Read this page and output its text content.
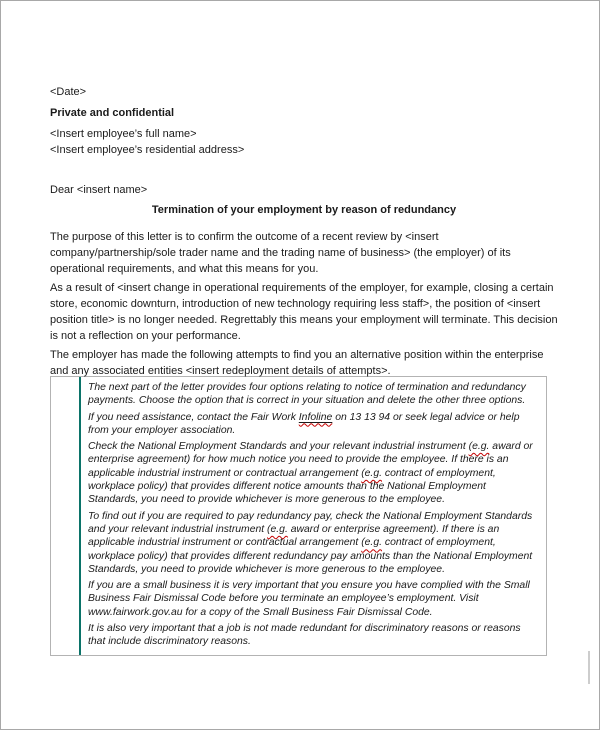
<Date>

Private and confidential

<Insert employee’s full name>

<Insert employee’s residential address>

Dear <insert name>

Termination of your employment by reason of redundancy

The purpose of this letter is to confirm the outcome of a recent review by <insert company/partnership/sole trader name and the trading name of business> (the employer) of its operational requirements, and what this means for you.

As a result of <insert change in operational requirements of the employer, for example, closing a certain store, economic downturn, introduction of new technology requiring less staff>, the position of <insert position title> is no longer needed. Regrettably this means your employment will terminate. This decision is not a reflection on your performance.

The employer has made the following attempts to find you an alternative position within the enterprise and any associated entities <insert redeployment details of attempts>.

The next part of the letter provides four options relating to notice of termination and redundancy payments. Choose the option that is correct in your situation and delete the other three options.

If you need assistance, contact the Fair Work Infoline on 13 13 94 or seek legal advice or help from your employer association.

Check the National Employment Standards and your relevant industrial instrument (e.g. award or enterprise agreement) for how much notice you need to provide the employee. If there is an applicable industrial instrument or contractual arrangement (e.g. contract of employment, workplace policy) that provides different notice amounts than the National Employment Standards, you need to provide whichever is more generous to the employee.

To find out if you are required to pay redundancy pay, check the National Employment Standards and your relevant industrial instrument (e.g. award or enterprise agreement). If there is an applicable industrial instrument or contractual arrangement (e.g. contract of employment, workplace policy) that provides different redundancy pay amounts than the National Employment Standards, you need to provide whichever is more generous to the employee.

If you are a small business it is very important that you ensure you have complied with the Small Business Fair Dismissal Code before you terminate an employee’s employment. Visit www.fairwork.gov.au for a copy of the Small Business Fair Dismissal Code.

It is also very important that a job is not made redundant for discriminatory reasons or reasons that include discriminatory reasons.
